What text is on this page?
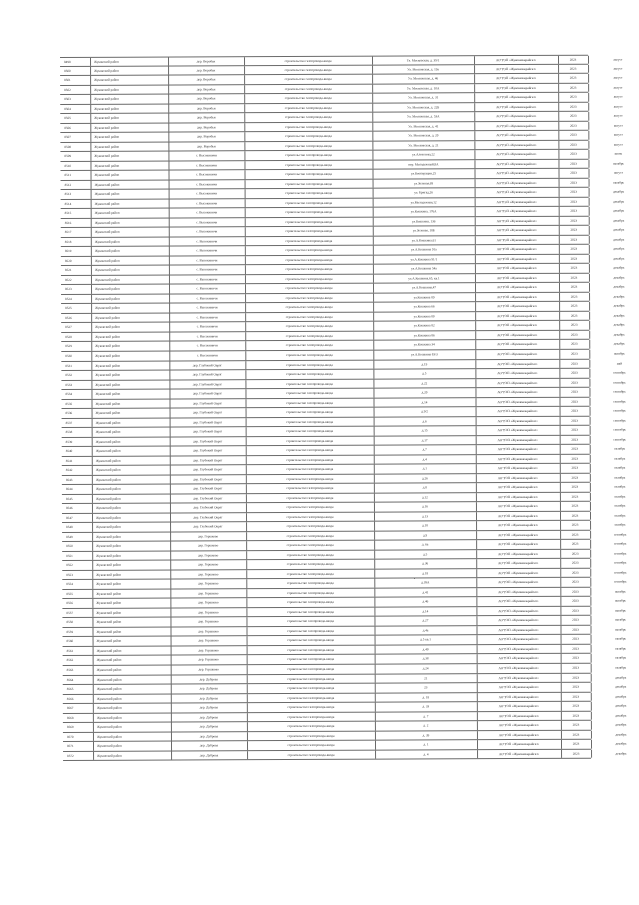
8498	Жуковский район	дер. Воробьи	строительство газопровода-ввода	Ул. Московская, д. 39/1	АО"РЭП «Жуковмежрайгаз»	2023	август
8500	Жуковский район	дер. Воробьи	строительство газопровода-ввода	Ул. Московская, д. 19а	АО"РЭП «Жуковмежрайгаз»	2023	август
8501	Жуковский район	дер. Воробьи	строительство газопровода-ввода	Ул. Московская, д. 46	АО"РЭП «Жуковмежрайгаз»	2023	август
8502	Жуковский район	дер. Воробьи	строительство газопровода-ввода	Ул. Московская, д. 10А	АО"РЭП «Жуковмежрайгаз»	2023	август
8503	Жуковский район	дер. Воробьи	строительство газопровода-ввода	Ул. Московская, д. 31	АО"РЭП «Жуковмежрайгаз»	2023	август
8504	Жуковский район	дер. Воробьи	строительство газопровода-ввода	Ул. Московская, д. 22Б	АО"РЭП «Жуковмежрайгаз»	2023	август
8505	Жуковский район	дер. Воробьи	строительство газопровода-ввода	Ул. Московская, д. 53А	АО"РЭП «Жуковмежрайгаз»	2023	август
8506	Жуковский район	дер. Воробьи	строительство газопровода-ввода	Ул. Московская, д. 41	АО"РЭП «Жуковмежрайгаз»	2023	август
8507	Жуковский район	дер. Воробьи	строительство газопровода-ввода	Ул. Московская, д. 20	АО"РЭП «Жуковмежрайгаз»	2023	август
8508	Жуковский район	дер. Воробьи	строительство газопровода-ввода	Ул. Московская, д. 21	АО"РЭП «Жуковмежрайгаз»	2023	август
8509	Жуковский район	с. Высокиничи	строительство газопровода-ввода	ул.Алексеева,22	АО"РЭП «Жуковмежрайгаз»	2023	июнь
8510	Жуковский район	с. Высокиничи	строительство газопровода-ввода	пер. Молодежный,8А	АО"РЭП «Жуковмежрайгаз»	2023	октябрь
8511	Жуковский район	с. Высокиничи	строительство газопровода-ввода	ул.Кооперации,25	АО"РЭП «Жуковмежрайгаз»	2023	август
8512	Жуковский район	с. Высокиничи	строительство газопровода-ввода	ул.Зеленая,69	АО"РЭП «Жуковмежрайгаз»	2023	октябрь
8513	Жуковский район	с. Высокиничи	строительство газопровода-ввода	ул. Бригад,26	АО"РЭП «Жуковмежрайгаз»	2023	декабрь
8514	Жуковский район	с. Высокиничи	строительство газопровода-ввода	ул.Молодежная,12	АО"РЭП «Жуковмежрайгаз»	2023	декабрь
8515	Жуковский район	с. Высокиничи	строительство газопровода-ввода	ул.Кошкина, 176А	АО"РЭП «Жуковмежрайгаз»	2023	декабрь
8516	Жуковский район	с. Высокиничи	строительство газопровода-ввода	ул.Кошкина, 136	АО"РЭП «Жуковмежрайгаз»	2023	декабрь
8517	Жуковский район	с. Высокиничи	строительство газопровода-ввода	ул.Зеленая, 18Б	АО"РЭП «Жуковмежрайгаз»	2023	декабрь
8518	Жуковский район	с. Высокиничи	строительство газопровода-ввода	ул.А.Кошкина,61	АО"РЭП «Жуковмежрайгаз»	2023	декабрь
8519	Жуковский район	с. Высокиничи	строительство газопровода-ввода	ул.А.Кошкина 91а	АО"РЭП «Жуковмежрайгаз»	2023	декабрь
8520	Жуковский район	с. Высокиничи	строительство газопровода-ввода	ул.А.Кошкина 91/1	АО"РЭП «Жуковмежрайгаз»	2023	декабрь
8521	Жуковский район	с. Высокиничи	строительство газопровода-ввода	ул.А.Кошкина 54а	АО"РЭП «Жуковмежрайгаз»	2023	декабрь
8522	Жуковский район	с. Высокиничи	строительство газопровода-ввода	ул.А.Кошкина,65, кв.1	АО"РЭП «Жуковмежрайгаз»	2023	декабрь
8523	Жуковский район	с. Высокиничи	строительство газопровода-ввода	ул.А.Кошкина,47	АО"РЭП «Жуковмежрайгаз»	2023	декабрь
8524	Жуковский район	с. Высокиничи	строительство газопровода-ввода	ул.Кошкина 89	АО"РЭП «Жуковмежрайгаз»	2023	декабрь
8525	Жуковский район	с. Высокиничи	строительство газопровода-ввода	ул.Кошкина 66	АО"РЭП «Жуковмежрайгаз»	2023	декабрь
8526	Жуковский район	с. Высокиничи	строительство газопровода-ввода	ул.Кошкина 80	АО"РЭП «Жуковмежрайгаз»	2023	декабрь
8527	Жуковский район	с. Высокиничи	строительство газопровода-ввода	ул.Кошкина 82	АО"РЭП «Жуковмежрайгаз»	2023	декабрь
8528	Жуковский район	с. Высокиничи	строительство газопровода-ввода	ул.Кошкина 86	АО"РЭП «Жуковмежрайгаз»	2023	декабрь
8529	Жуковский район	с. Высокиничи	строительство газопровода-ввода	ул.Кошкина 34	АО"РЭП «Жуковмежрайгаз»	2023	декабрь
8530	Жуковский район	с. Высокиничи	строительство газопровода-ввода	ул.А.Кошкина 83/3	АО"РЭП «Жуковмежрайгаз»	2023	октябрь
8531	Жуковский район	дер. Глубокий Овраг	строительство газопровода-ввода	д.19	АО"РЭП «Жуковмежрайгаз»	2023	май
8532	Жуковский район	дер. Глубокий Овраг	строительство газопровода-ввода	д.5	АО"РЭП «Жуковмежрайгаз»	2023	сентябрь
8533	Жуковский район	дер. Глубокий Овраг	строительство газопровода-ввода	д.22	АО"РЭП «Жуковмежрайгаз»	2023	сентябрь
8534	Жуковский район	дер. Глубокий Овраг	строительство газопровода-ввода	д.20	АО"РЭП «Жуковмежрайгаз»	2023	сентябрь
8535	Жуковский район	дер. Глубокий Овраг	строительство газопровода-ввода	д.14	АО"РЭП «Жуковмежрайгаз»	2023	сентябрь
8536	Жуковский район	дер. Глубокий Овраг	строительство газопровода-ввода	д.9/2	АО"РЭП «Жуковмежрайгаз»	2023	сентябрь
8537	Жуковский район	дер. Глубокий Овраг	строительство газопровода-ввода	д.6	АО"РЭП «Жуковмежрайгаз»	2023	сентябрь
8538	Жуковский район	дер. Глубокий Овраг	строительство газопровода-ввода	д.15	АО"РЭП «Жуковмежрайгаз»	2023	сентябрь
8539	Жуковский район	дер. Глубокий Овраг	строительство газопровода-ввода	д.17	АО"РЭП «Жуковмежрайгаз»	2023	сентябрь
8540	Жуковский район	дер. Глубокий Овраг	строительство газопровода-ввода	д.7	АО"РЭП «Жуковмежрайгаз»	2023	октябрь
8541	Жуковский район	дер. Глубокий Овраг	строительство газопровода-ввода	д.4	АО"РЭП «Жуковмежрайгаз»	2023	октябрь
8542	Жуковский район	дер. Глубокий Овраг	строительство газопровода-ввода	д.1	АО"РЭП «Жуковмежрайгаз»	2023	октябрь
8543	Жуковский район	дер. Глубокий Овраг	строительство газопровода-ввода	д.26	АО"РЭП «Жуковмежрайгаз»	2023	октябрь
8544	Жуковский район	дер. Глубокий Овраг	строительство газопровода-ввода	д.8	АО"РЭП «Жуковмежрайгаз»	2023	октябрь
8545	Жуковский район	дер. Глубокий Овраг	строительство газопровода-ввода	д.12	АО"РЭП «Жуковмежрайгаз»	2023	октябрь
8546	Жуковский район	дер. Глубокий Овраг	строительство газопровода-ввода	д.16	АО"РЭП «Жуковмежрайгаз»	2023	октябрь
8547	Жуковский район	дер. Глубокий Овраг	строительство газопровода-ввода	д.13	АО"РЭП «Жуковмежрайгаз»	2023	октябрь
8548	Жуковский район	дер. Глубокий Овраг	строительство газопровода-ввода	д.18	АО"РЭП «Жуковмежрайгаз»	2023	октябрь
8549	Жуковский район	дер. Горшково	строительство газопровода-ввода	д.9	АО"РЭП «Жуковмежрайгаз»	2023	сентябрь
8550	Жуковский район	дер. Горшково	строительство газопровода-ввода	д. 6а	АО"РЭП «Жуковмежрайгаз»	2023	сентябрь
8551	Жуковский район	дер. Горшково	строительство газопровода-ввода	д.5	АО"РЭП «Жуковмежрайгаз»	2023	сентябрь
8552	Жуковский район	дер. Горшково	строительство газопровода-ввода	д.36	АО"РЭП «Жуковмежрайгаз»	2023	сентябрь
8553	Жуковский район	дер. Горшково	строительство газопровода-ввода	д.18	АО"РЭП «Жуковмежрайгаз»	2023	сентябрь
8554	Жуковский район	дер. Горшково	строительство газопровода-ввода	д.39А	АО"РЭП «Жуковмежрайгаз»	2023	сентябрь
8555	Жуковский район	дер. Горшково	строительство газопровода-ввода	д.41	АО"РЭП «Жуковмежрайгаз»	2023	октябрь
8556	Жуковский район	дер. Горшково	строительство газопровода-ввода	д.46	АО"РЭП «Жуковмежрайгаз»	2023	октябрь
8557	Жуковский район	дер. Горшково	строительство газопровода-ввода	д.14	АО"РЭП «Жуковмежрайгаз»	2023	октябрь
8558	Жуковский район	дер. Горшково	строительство газопровода-ввода	д.27	АО"РЭП «Жуковмежрайгаз»	2023	октябрь
8559	Жуковский район	дер. Горшково	строительство газопровода-ввода	д.4а	АО"РЭП «Жуковмежрайгаз»	2023	октябрь
8560	Жуковский район	дер. Горшково	строительство газопровода-ввода	д.5 кв.1	АО"РЭП «Жуковмежрайгаз»	2023	октябрь
8561	Жуковский район	дер. Горшково	строительство газопровода-ввода	д.40	АО"РЭП «Жуковмежрайгаз»	2023	октябрь
8562	Жуковский район	дер. Горшково	строительство газопровода-ввода	д.38	АО"РЭП «Жуковмежрайгаз»	2023	октябрь
8563	Жуковский район	дер. Горшково	строительство газопровода-ввода	д.24	АО"РЭП «Жуковмежрайгаз»	2023	октябрь
8564	Жуковский район	дер. Дуброва	строительство газопровода-ввода	21	АО"РЭП «Жуковмежрайгаз»	2023	декабрь
8565	Жуковский район	дер. Дуброва	строительство газопровода-ввода	23	АО"РЭП «Жуковмежрайгаз»	2023	декабрь
8566	Жуковский район	дер. Дуброва	строительство газопровода-ввода	д. 18	АО"РЭП «Жуковмежрайгаз»	2023	декабрь
8567	Жуковский район	дер. Дуброва	строительство газопровода-ввода	д. 33	АО"РЭП «Жуковмежрайгаз»	2023	декабрь
8568	Жуковский район	дер. Дуброва	строительство газопровода-ввода	д. 7	АО"РЭП «Жуковмежрайгаз»	2023	декабрь
8569	Жуковский район	дер. Дуброва	строительство газопровода-ввода	д. 2	АО"РЭП «Жуковмежрайгаз»	2023	декабрь
8570	Жуковский район	дер. Дуброва	строительство газопровода-ввода	д. 39	АО"РЭП «Жуковмежрайгаз»	2023	декабрь
8571	Жуковский район	дер. Дуброва	строительство газопровода-ввода	д. 1	АО"РЭП «Жуковмежрайгаз»	2023	декабрь
8572	Жуковский район	дер. Дуброва	строительство газопровода-ввода	д. 4	АО"РЭП «Жуковмежрайгаз»	2023	декабрь
